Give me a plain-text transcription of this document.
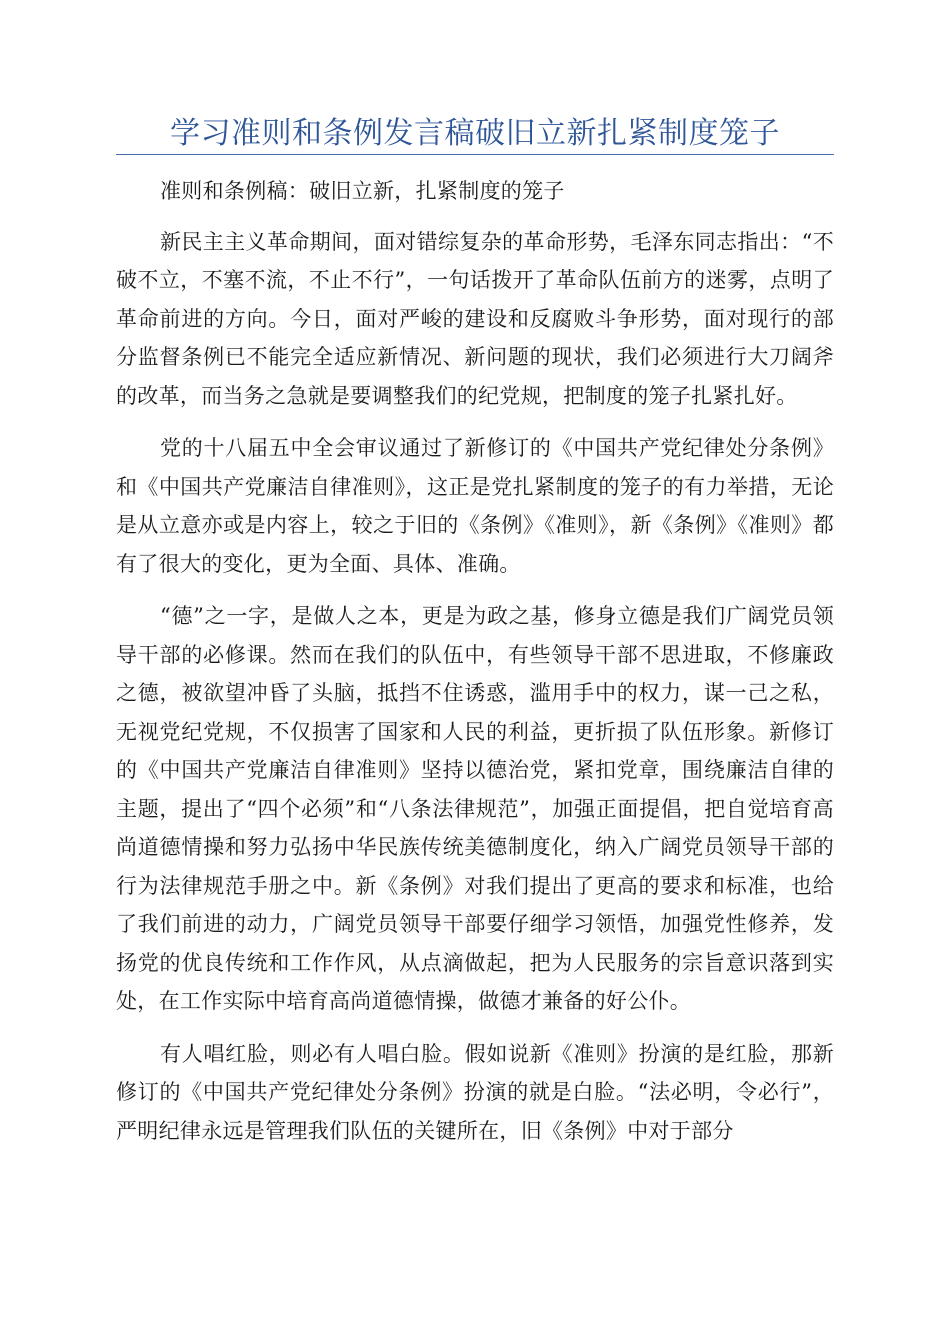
学习准则和条例发言稿破旧立新扎紧制度笼子

准则和条例稿：破旧立新，扎紧制度的笼子

新民主主义革命期间，面对错综复杂的革命形势，毛泽东同志指出：“不破不立，不塞不流，不止不行”，一句话拨开了革命队伍前方的迷雾，点明了革命前进的方向。今日，面对严峻的建设和反腐败斗争形势，面对现行的部分监督条例已不能完全适应新情况、新问题的现状，我们必须进行大刀阔斧的改革，而当务之急就是要调整我们的纪党规，把制度的笼子扎紧扎好。

党的十八届五中全会审议通过了新修订的《中国共产党纪律处分条例》和《中国共产党廉洁自律准则》，这正是党扎紧制度的笼子的有力举措，无论是从立意亦或是内容上，较之于旧的《条例》《准则》，新《条例》《准则》都有了很大的变化，更为全面、具体、准确。

“德”之一字，是做人之本，更是为政之基，修身立德是我们广阔党员领导干部的必修课。然而在我们的队伍中，有些领导干部不思进取，不修廉政之德，被欲望冲昏了头脑，抵挡不住诱惑，滥用手中的权力，谋一己之私，无视党纪党规，不仅损害了国家和人民的利益，更折损了队伍形象。新修订的《中国共产党廉洁自律准则》坚持以德治党，紧扣党章，围绕廉洁自律的主题，提出了“四个必须”和“八条法律规范”，加强正面提倡，把自觉培育高尚道德情操和努力弘扬中华民族传统美德制度化，纳入广阔党员领导干部的行为法律规范手册之中。新《条例》对我们提出了更高的要求和标准，也给了我们前进的动力，广阔党员领导干部要仔细学习领悟，加强党性修养，发扬党的优良传统和工作作风，从点滴做起，把为人民服务的宗旨意识落到实处，在工作实际中培育高尚道德情操，做德才兼备的好公仆。

有人唱红脸，则必有人唱白脸。假如说新《准则》扮演的是红脸，那新修订的《中国共产党纪律处分条例》扮演的就是白脸。“法必明，令必行”，严明纪律永远是管理我们队伍的关键所在，旧《条例》中对于部分
